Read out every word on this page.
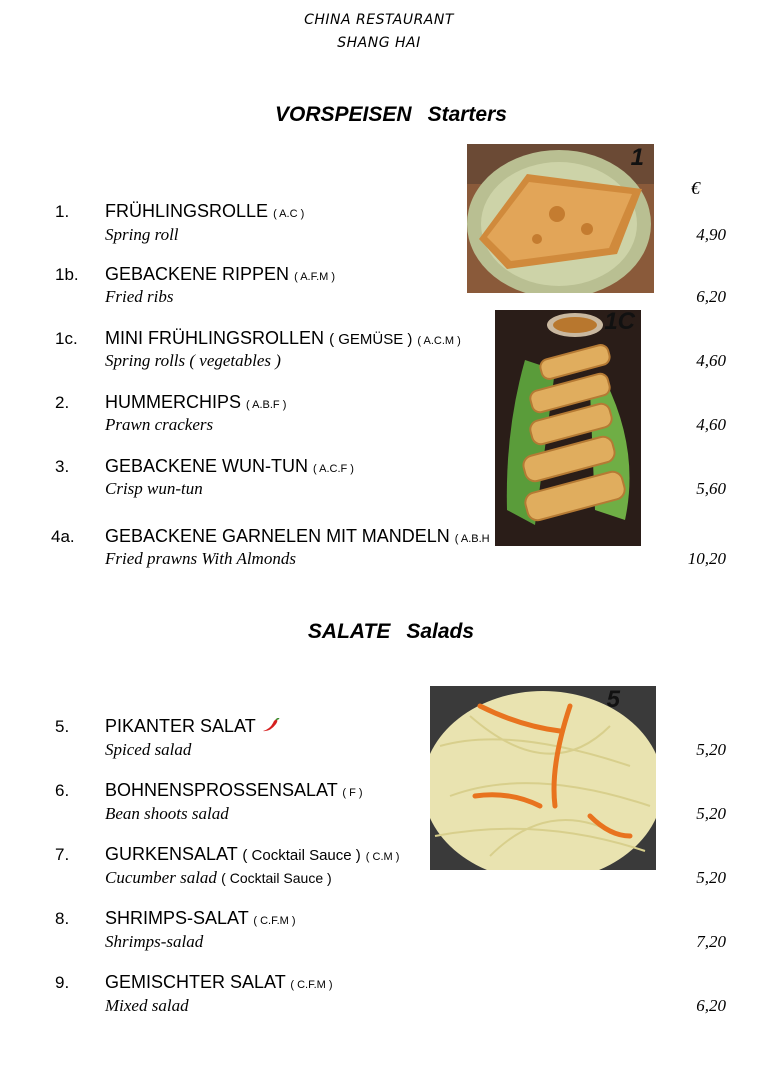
CHINA RESTAURANT
SHANG HAI
VORSPEISEN Starters
€
1
1C
5
1. FRÜHLINGSROLLE ( A.C )
Spring roll	4,90
1b. GEBACKENE RIPPEN ( A.F.M )
Fried ribs	6,20
1c. MINI FRÜHLINGSROLLEN ( GEMÜSE ) ( A.C.M )
Spring rolls ( vegetables )	4,60
2. HUMMERCHIPS ( A.B.F )
Prawn crackers	4,60
3. GEBACKENE WUN-TUN ( A.C.F )
Crisp wun-tun	5,60
4a. GEBACKENE GARNELEN MIT MANDELN ( A.B.H
Fried prawns With Almonds	10,20
SALATE Salads
5. PIKANTER SALAT
Spiced salad	5,20
6. BOHNENSPROSSENSALAT ( F )
Bean shoots salad	5,20
7. GURKENSALAT ( Cocktail Sauce ) ( C.M )
Cucumber salad ( Cocktail Sauce )	5,20
8. SHRIMPS-SALAT ( C.F.M )
Shrimps-salad	7,20
9. GEMISCHTER SALAT ( C.F.M )
Mixed salad	6,20
